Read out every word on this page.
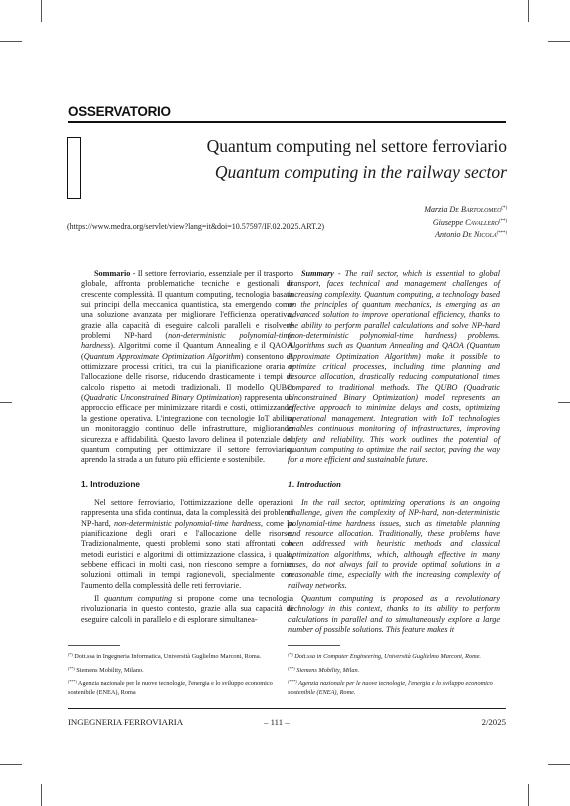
OSSERVATORIO
Quantum computing nel settore ferroviario
Quantum computing in the railway sector
Marzia De Bartolomeo(*)
Giuseppe Cavallero(**)
Antonio De Nicola(***)
(https://www.medra.org/servlet/view?lang=it&doi=10.57597/IF.02.2025.ART.2)

Sommario - Il settore ferroviario, essenziale per il trasporto globale, affronta problematiche tecniche e gestionali di crescente complessità. Il quantum computing, tecnologia basata sui principi della meccanica quantistica, sta emergendo come una soluzione avanzata per migliorare l'efficienza operativa, grazie alla capacità di eseguire calcoli paralleli e risolvere problemi NP-hard (non-deterministic polynomial-time hardness). Algoritmi come il Quantum Annealing e il QAOA (Quantum Approximate Optimization Algorithm) consentono di ottimizzare processi critici, tra cui la pianificazione oraria e l'allocazione delle risorse, riducendo drasticamente i tempi di calcolo rispetto ai metodi tradizionali. Il modello QUBO (Quadratic Unconstrained Binary Optimization) rappresenta un approccio efficace per minimizzare ritardi e costi, ottimizzando la gestione operativa. L'integrazione con tecnologie IoT abilita un monitoraggio continuo delle infrastrutture, migliorando sicurezza e affidabilità. Questo lavoro delinea il potenziale del quantum computing per ottimizzare il settore ferroviario, aprendo la strada a un futuro più efficiente e sostenibile.

1. Introduzione

Nel settore ferroviario, l'ottimizzazione delle operazioni rappresenta una sfida continua, data la complessità dei problemi NP-hard, non-deterministic polynomial-time hardness, come la pianificazione degli orari e l'allocazione delle risorse. Tradizionalmente, questi problemi sono stati affrontati con metodi euristici e algoritmi di ottimizzazione classica, i quali, sebbene efficaci in molti casi, non riescono sempre a fornire soluzioni ottimali in tempi ragionevoli, specialmente con l'aumento della complessità delle reti ferroviarie.

Il quantum computing si propone come una tecnologia rivoluzionaria in questo contesto, grazie alla sua capacità di eseguire calcoli in parallelo e di esplorare simultanea-

Summary - The rail sector, which is essential to global transport, faces technical and management challenges of increasing complexity. Quantum computing, a technology based on the principles of quantum mechanics, is emerging as an advanced solution to improve operational efficiency, thanks to the ability to perform parallel calculations and solve NP-hard (non-deterministic polynomial-time hardness) problems. Algorithms such as Quantum Annealing and QAOA (Quantum Approximate Optimization Algorithm) make it possible to optimize critical processes, including time planning and resource allocation, drastically reducing computational times compared to traditional methods. The QUBO (Quadratic Unconstrained Binary Optimization) model represents an effective approach to minimize delays and costs, optimizing operational management. Integration with IoT technologies enables continuous monitoring of infrastructures, improving safety and reliability. This work outlines the potential of quantum computing to optimize the rail sector, paving the way for a more efficient and sustainable future.

1. Introduction

In the rail sector, optimizing operations is an ongoing challenge, given the complexity of NP-hard, non-deterministic polynomial-time hardness issues, such as timetable planning and resource allocation. Traditionally, these problems have been addressed with heuristic methods and classical optimization algorithms, which, although effective in many cases, do not always fail to provide optimal solutions in a reasonable time, especially with the increasing complexity of railway networks.

Quantum computing is proposed as a revolutionary technology in this context, thanks to its ability to perform calculations in parallel and to simultaneously explore a large number of possible solutions. This feature makes it

(*) Dott.ssa in Ingegneria Informatica, Università Guglielmo Marconi, Roma.
(**) Siemens Mobility, Milano.
(***) Agenzia nazionale per le nuove tecnologie, l'energia e lo sviluppo economico sostenibile (ENEA), Roma
(*) Dott.ssa in Computer Engineering, Università Guglielmo Marconi, Rome.
(**) Siemens Mobility, Milan.
(***) Agenzia nazionale per le nuove tecnologie, l'energia e lo sviluppo economico sostenibile (ENEA), Rome.
INGEGNERIA FERROVIARIA	– 111 –	2/2025
